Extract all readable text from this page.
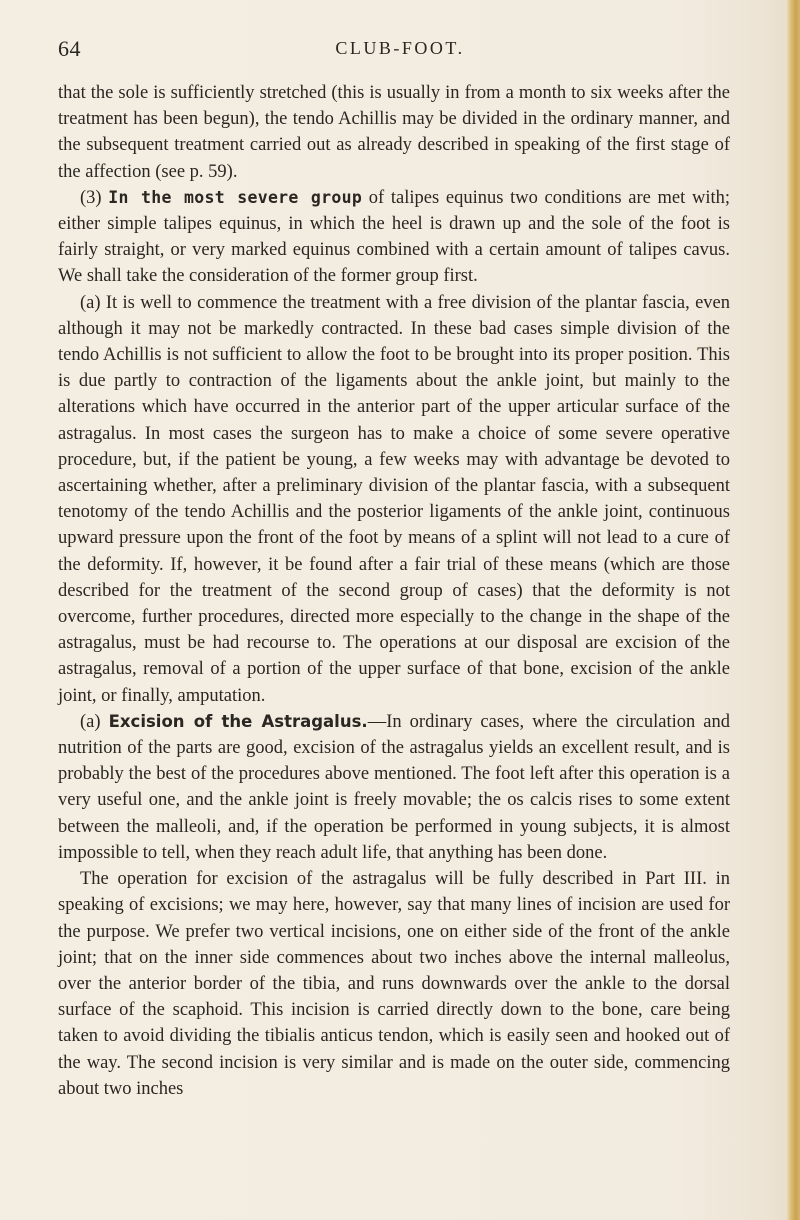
64	CLUB-FOOT.

that the sole is sufficiently stretched (this is usually in from a month to six weeks after the treatment has been begun), the tendo Achillis may be divided in the ordinary manner, and the subsequent treatment carried out as already described in speaking of the first stage of the affection (see p. 59).

(3) In the most severe group of talipes equinus two conditions are met with; either simple talipes equinus, in which the heel is drawn up and the sole of the foot is fairly straight, or very marked equinus combined with a certain amount of talipes cavus. We shall take the consideration of the former group first.

(a) It is well to commence the treatment with a free division of the plantar fascia, even although it may not be markedly contracted. In these bad cases simple division of the tendo Achillis is not sufficient to allow the foot to be brought into its proper position. This is due partly to contraction of the ligaments about the ankle joint, but mainly to the alterations which have occurred in the anterior part of the upper articular surface of the astragalus. In most cases the surgeon has to make a choice of some severe operative procedure, but, if the patient be young, a few weeks may with advantage be devoted to ascertaining whether, after a preliminary division of the plantar fascia, with a subsequent tenotomy of the tendo Achillis and the posterior ligaments of the ankle joint, continuous upward pressure upon the front of the foot by means of a splint will not lead to a cure of the deformity. If, however, it be found after a fair trial of these means (which are those described for the treatment of the second group of cases) that the deformity is not overcome, further procedures, directed more especially to the change in the shape of the astragalus, must be had recourse to. The operations at our disposal are excision of the astragalus, removal of a portion of the upper surface of that bone, excision of the ankle joint, or finally, amputation.

(a) Excision of the Astragalus.—In ordinary cases, where the circulation and nutrition of the parts are good, excision of the astragalus yields an excellent result, and is probably the best of the procedures above mentioned. The foot left after this operation is a very useful one, and the ankle joint is freely movable; the os calcis rises to some extent between the malleoli, and, if the operation be performed in young subjects, it is almost impossible to tell, when they reach adult life, that anything has been done.

The operation for excision of the astragalus will be fully described in Part III. in speaking of excisions; we may here, however, say that many lines of incision are used for the purpose. We prefer two vertical incisions, one on either side of the front of the ankle joint; that on the inner side commences about two inches above the internal malleolus, over the anterior border of the tibia, and runs downwards over the ankle to the dorsal surface of the scaphoid. This incision is carried directly down to the bone, care being taken to avoid dividing the tibialis anticus tendon, which is easily seen and hooked out of the way. The second incision is very similar and is made on the outer side, commencing about two inches
